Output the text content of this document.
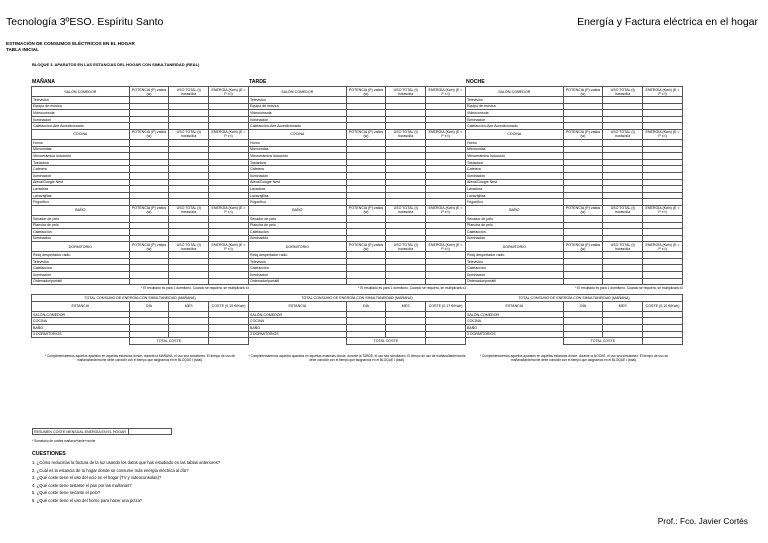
Tecnología 3ºESO. Espíritu Santo	Energía y Factura eléctrica en el hogar
ESTIMACIÓN DE CONSUMOS ELÉCTRICOS EN EL HOGAR
TABLA INICIAL
BLOQUE 3. APARATOS EN LAS ESTANCIAS DEL HOGAR CON SIMULTANEIDAD (REAL)
MAÑANA
SALÓN-COMEDOR	POTENCIA (P) vatios (w)	USO TOTAL (t) horas/día	ENERGÍA (Kwh) (E = P x t)
Televisión			
Equipo de música			
Videoconsola			
Iluminación			
Calefacción-Aire Acondicionado			
COCINA	POTENCIA (P) vatios (w)	USO TOTAL (t) horas/día	ENERGÍA (Kwh) (E = P x t)
Horno			
Microondas			
Vitrocerámica inducción			
Tostadora			
Cafetera			
Iluminación			
Alexa/Google Nest			
Lavadora			
Lavavajillas			
Frigorífico			
BAÑO	POTENCIA (P) vatios (w)	USO TOTAL (t) horas/día	ENERGÍA (Kwh) (E = P x t)
Secador de pelo			
Plancha de pelo			
Calefacción			
Iluminación			
DORMITORIO	POTENCIA (P) vatios (w)	USO TOTAL (t) horas/día	ENERGÍA (Kwh) (E = P x t)
Reloj despertador radio			
Televisión			
Calefacción			
Iluminación			
Ordenador/portátil			
* El resultado es para 1 dormitorio. Cuando se requiera, se multiplicará x3
TOTAL CONSUMO DE ENERGÍA CON SIMULTANEIDAD (MAÑANA)			
ESTANCIA	DÍA	MES	COSTE (0,15 €/Kwh)
SALÓN-COMEDOR			
COCINA			
BAÑO			
3 DORMITORIOS			
	TOTAL COSTE		
* Cumplimentaremos aquellos aparatos en aquellas estancias donde, durante la MAÑANA, el uso sea simultáneo. El tiempo de uso de mañana/tarde/noche debe coincidir con el tiempo que asignamos en el BLOQUE I (total).
TARDE
SALÓN-COMEDOR	POTENCIA (P) vatios (w)	USO TOTAL (t) horas/día	ENERGÍA (Kwh) (E = P x t)
Televisión			
Equipo de música			
Videoconsola			
Iluminación			
Calefacción-Aire Acondicionado			
COCINA	POTENCIA (P) vatios (w)	USO TOTAL (t) horas/día	ENERGÍA (Kwh) (E = P x t)
Horno			
Microondas			
Vitrocerámica inducción			
Tostadora			
Cafetera			
Iluminación			
Alexa/Google Nest			
Lavadora			
Lavavajillas			
Frigorífico			
BAÑO	POTENCIA (P) vatios (w)	USO TOTAL (t) horas/día	ENERGÍA (Kwh) (E = P x t)
Secador de pelo			
Plancha de pelo			
Calefacción			
Iluminación			
DORMITORIO	POTENCIA (P) vatios (w)	USO TOTAL (t) horas/día	ENERGÍA (Kwh) (E = P x t)
Reloj despertador radio			
Televisión			
Calefacción			
Iluminación			
Ordenador/portátil			
* El resultado es para 1 dormitorio. Cuando se requiera, se multiplicará x3
TOTAL CONSUMO DE ENERGÍA CON SIMULTANEIDAD (MAÑANA)			
ESTANCIA	DÍA	MES	COSTE (0,17 €/Kwh)
SALÓN-COMEDOR			
COCINA			
BAÑO			
3 DORMITORIOS			
	TOTAL COSTE		
* Cumplimentaremos aquellos aparatos en aquellas estancias donde, durante la TARDE, el uso sea simultáneo. El tiempo de uso de mañana/tarde/noche debe coincidir con el tiempo que asignamos en el BLOQUE I (total).
NOCHE
SALÓN-COMEDOR	POTENCIA (P) vatios (w)	USO TOTAL (t) horas/día	ENERGÍA (Kwh) (E = P x t)
Televisión			
Equipo de música			
Videoconsola			
Iluminación			
Calefacción-Aire Acondicionado			
COCINA	POTENCIA (P) vatios (w)	USO TOTAL (t) horas/día	ENERGÍA (Kwh) (E = P x t)
Horno			
Microondas			
Vitrocerámica inducción			
Tostadora			
Cafetera			
Iluminación			
Alexa/Google Nest			
Lavadora			
Lavavajillas			
Frigorífico			
BAÑO	POTENCIA (P) vatios (w)	USO TOTAL (t) horas/día	ENERGÍA (Kwh) (E = P x t)
Secador de pelo			
Plancha de pelo			
Calefacción			
Iluminación			
DORMITORIO	POTENCIA (P) vatios (w)	USO TOTAL (t) horas/día	ENERGÍA (Kwh) (E = P x t)
Reloj despertador radio			
Televisión			
Calefacción			
Iluminación			
Ordenador/portátil			
* El resultado es para 1 dormitorio. Cuando se requiera, se multiplicará x3
TOTAL CONSUMO DE ENERGÍA CON SIMULTANEIDAD (MAÑANA)			
ESTANCIA	DÍA	MES	COSTE (0,10 €/Kwh)
SALÓN-COMEDOR			
COCINA			
BAÑO			
3 DORMITORIOS			
	TOTAL COSTE		
* Cumplimentaremos aquellos aparatos en aquellas estancias donde, durante la NOCHE, el uso sea simultáneo. El tiempo de uso de mañana/tarde/noche debe coincidir con el tiempo que asignamos en el BLOQUE I (total).
RESUMEN COSTE MENSUAL ENERGÍA EN EL HOGAR	
* Sumatorio de costes mañana+tarde+noche
CUESTIONES
1. ¿Cómo reducirías la factura de la luz usando los datos que has estudiado en las tablas anteriores?
2. ¿Cuál es la estancia de tu hogar donde se consume más energía eléctrica al día?
3. ¿Qué coste tiene el uso del ocio en el hogar (TV y videoconsolas)?
4. ¿Qué coste tiene tostarse el pan por las mañanas?
5. ¿Qué coste tiene secarse el pelo?
6. ¿Qué coste tiene el uso del horno para hacer una pizza?
Prof.: Fco. Javier Cortés
